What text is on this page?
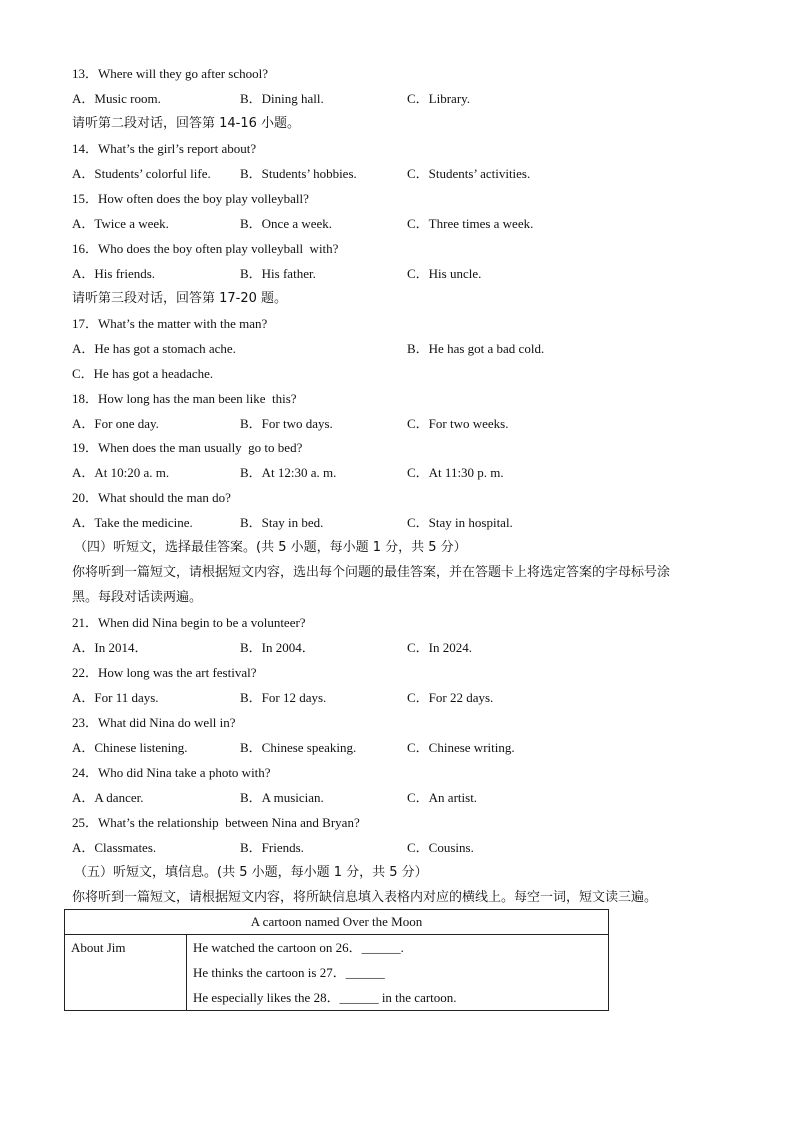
13．Where will they go after school?
A．Music room.	B．Dining hall.	C．Library.
请听第二段对话，回答第 14-16 小题。
14．What’s the girl’s report about?
A．Students’ colorful life. B．Students’ hobbies.	C．Students’ activities.
15．How often does the boy play volleyball?
A．Twice a week.	B．Once a week.	C．Three times a week.
16．Who does the boy often play volleyball  with?
A．His friends.	B．His father.	C．His uncle.
请听第三段对话，回答第 17-20 题。
17．What’s the matter with the man?
A．He has got a stomach ache.	B．He has got a bad cold.
C．He has got a headache.
18．How long has the man been like  this?
A．For one day.	B．For two days.	C．For two weeks.
19．When does the man usually  go to bed?
A．At 10:20 a. m.	B．At 12:30 a. m.	C．At 11:30 p. m.
20．What should the man do?
A．Take the medicine.	B．Stay in bed.	C．Stay in hospital.
（四）听短文，选择最佳答案。(共 5 小题，每小题 1 分，共 5 分）
你将听到一篇短文，请根据短文内容，选出每个问题的最佳答案，并在答题卡上将选定答案的字母标号涂
黑。每段对话读两遍。
21．When did Nina begin to be a volunteer?
A．In 2014．	B．In 2004．	C．In 2024.
22．How long was the art festival?
A．For 11 days.	B．For 12 days.	C．For 22 days.
23．What did Nina do well in?
A．Chinese listening.	B．Chinese speaking.	C．Chinese writing.
24．Who did Nina take a photo with?
A．A dancer.	B．A musician.	C．An artist.
25．What’s the relationship  between Nina and Bryan?
A．Classmates.	B．Friends.	C．Cousins.
（五）听短文，填信息。(共 5 小题，每小题 1 分，共 5 分）
你将听到一篇短文，请根据短文内容，将所缺信息填入表格内对应的横线上。每空一词，短文读三遍。
A cartoon named Over the Moon
About Jim	He watched the cartoon on 26．______.
He thinks the cartoon is 27．______
He especially likes the 28．______ in the cartoon.
